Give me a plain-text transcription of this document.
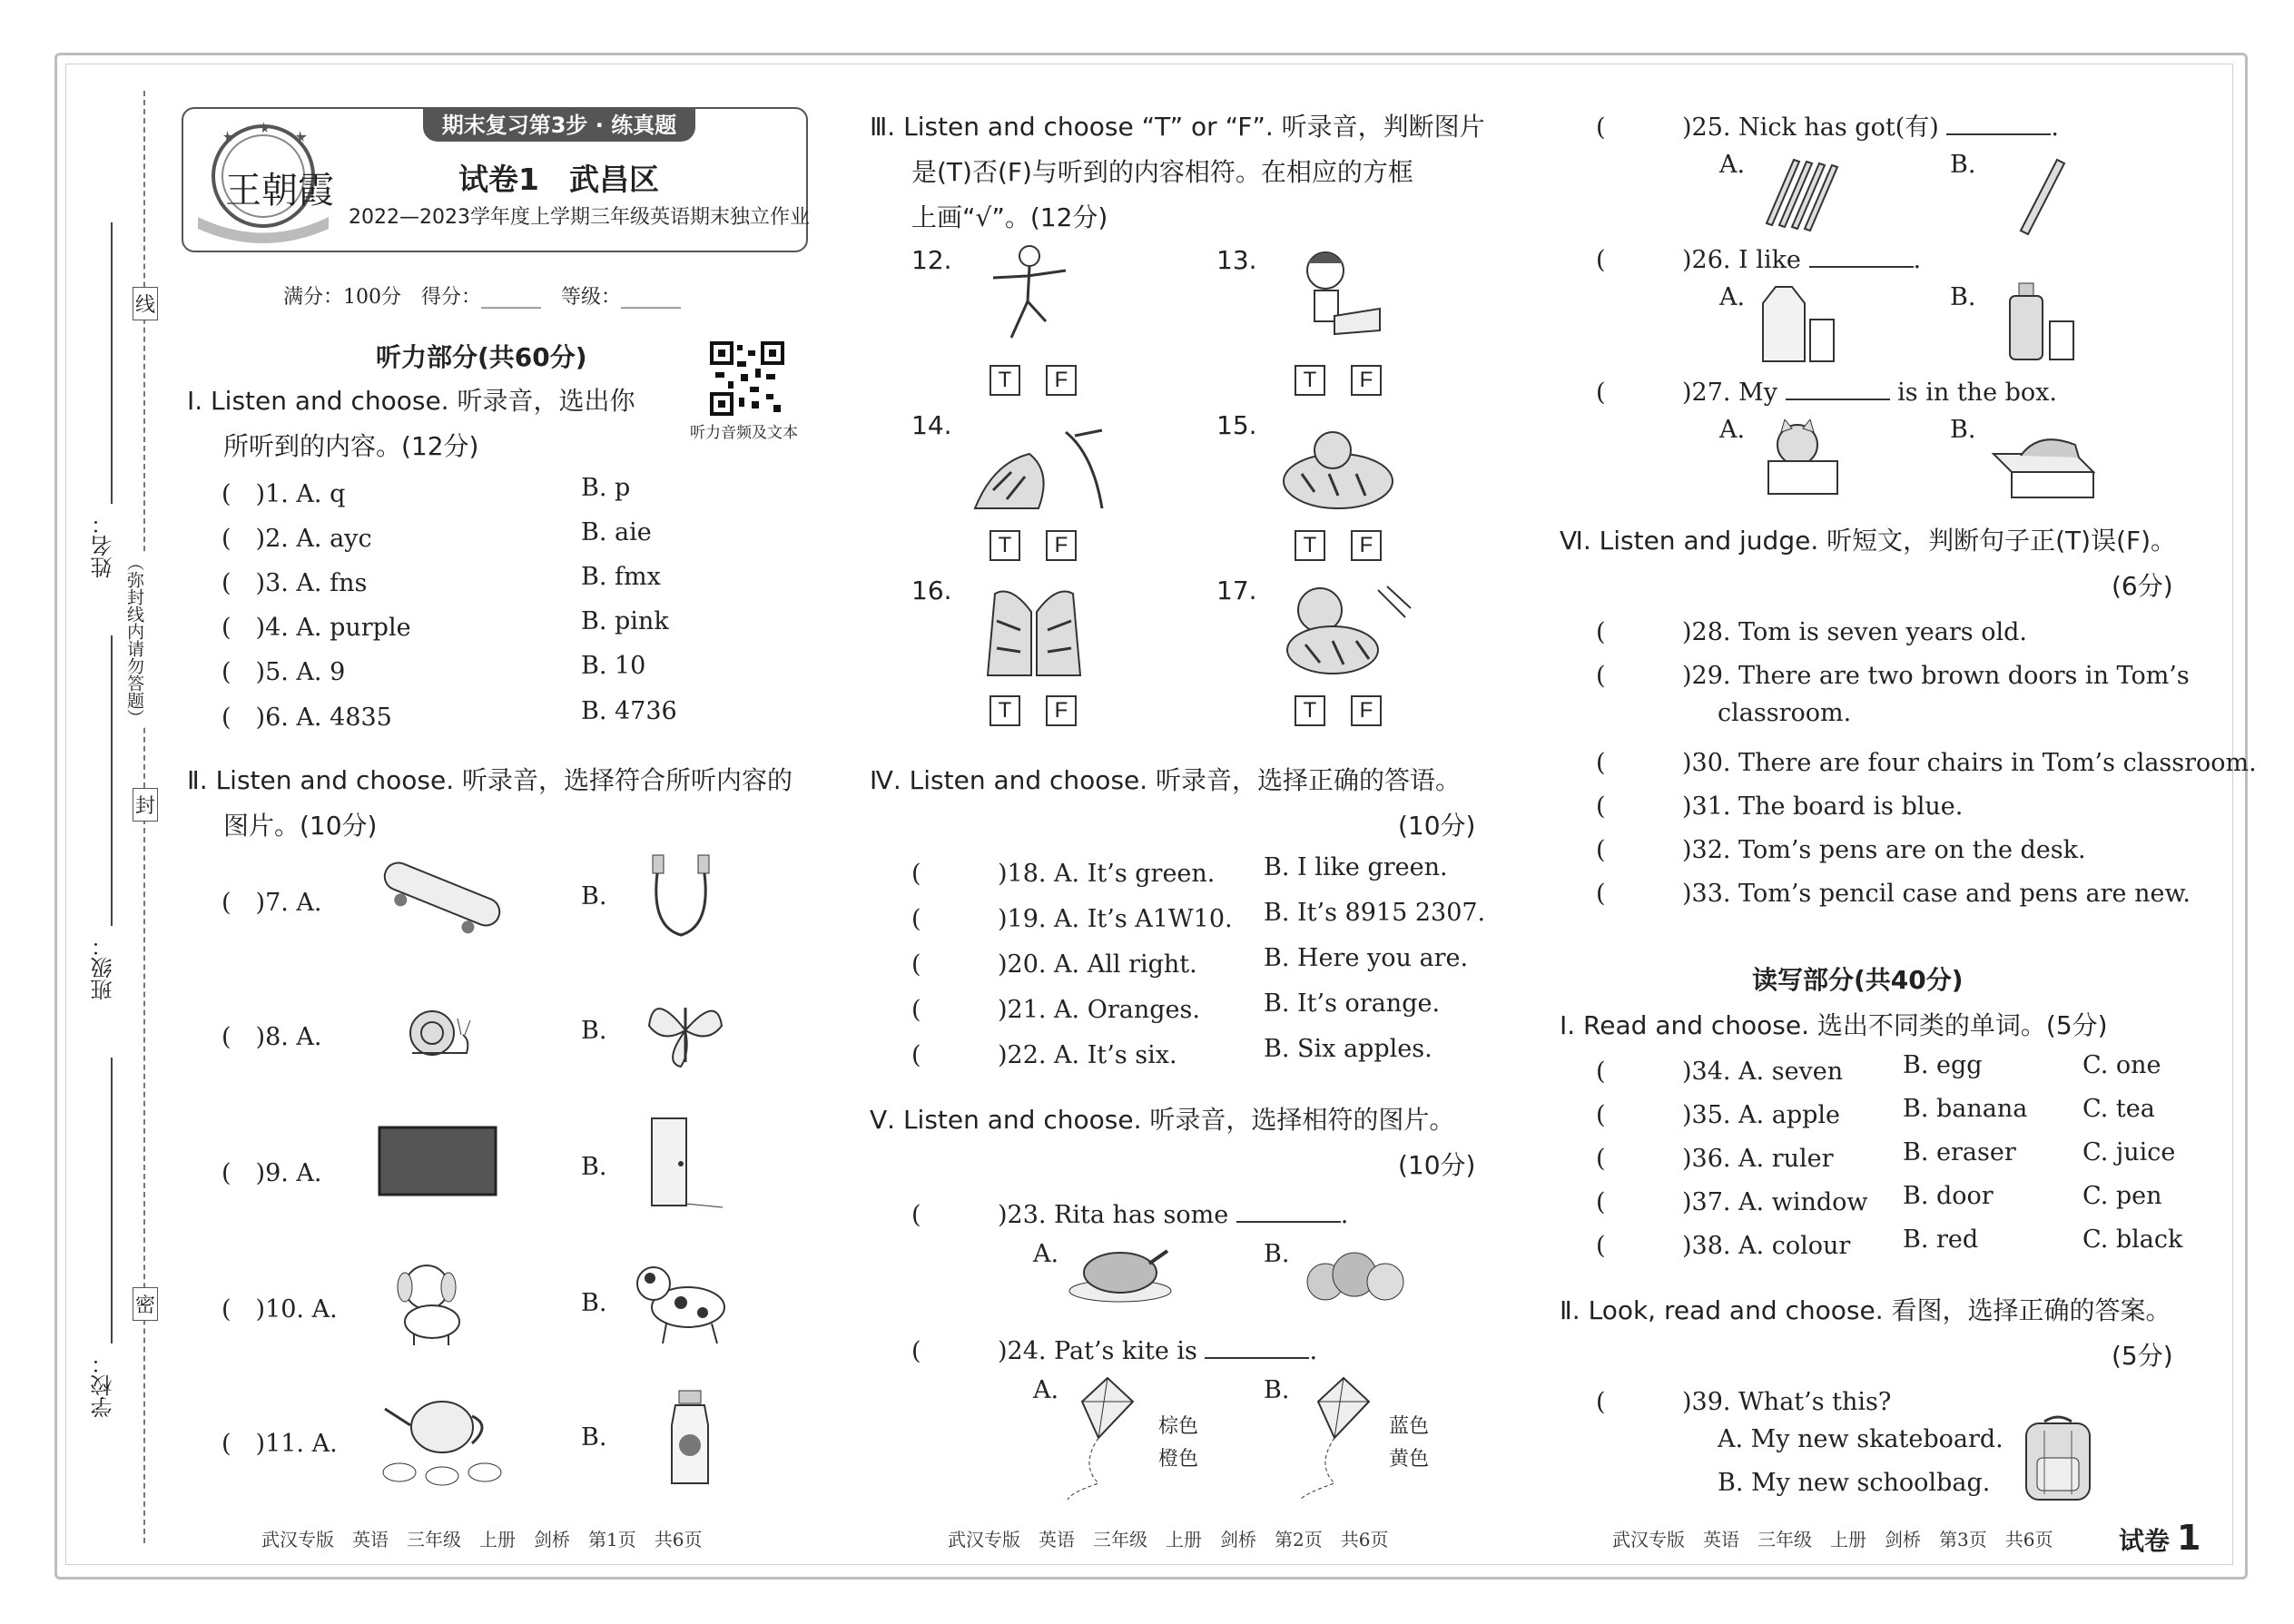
线
封
密
（弥封线内请勿答题）
姓名：
班级：
学校：
王朝霞
期末复习第3步 · 练真题
试卷1　武昌区
2022—2023学年度上学期三年级英语期末独立作业
满分：100分　得分：______　等级：______
听力音频及文本
听力部分(共60分)
Ⅰ. Listen and choose. 听录音，选出你
所听到的内容。(12分)
(　)1. A. q	B. p
(　)2. A. ayc	B. aie
(　)3. A. fns	B. fmx
(　)4. A. purple	B. pink
(　)5. A. 9	B. 10
(　)6. A. 4835	B. 4736
Ⅱ. Listen and choose. 听录音，选择符合所听内容的
图片。(10分)
(　)7. A.	B.
(　)8. A.	B.
(　)9. A.	B.
(　)10. A.	B.
(　)11. A.	B.
武汉专版　英语　三年级　上册　剑桥　第1页　共6页
Ⅲ. Listen and choose “T” or “F”. 听录音，判断图片
是(T)否(F)与听到的内容相符。在相应的方框
上画“√”。(12分)
12.
T F
13.
T F
14.
T F
15.
T F
16.
T F
17.
T F
Ⅳ. Listen and choose. 听录音，选择正确的答语。
(10分)
(　)18. A. It’s green. B. I like green.
(　)19. A. It’s A1W10. B. It’s 8915 2307.
(　)20. A. All right.	B. Here you are.
(　)21. A. Oranges.	B. It’s orange.
(　)22. A. It’s six.	B. Six apples.
Ⅴ. Listen and choose. 听录音，选择相符的图片。
(10分)
(　)23. Rita has some	.
A.	B.
(　)24. Pat’s kite is	.
A.
棕色
橙色
B.
蓝色
黄色
武汉专版　英语　三年级　上册　剑桥　第2页　共6页
(　)25. Nick has got(有)	.
A.	B.
(　)26. I like	.
A.	B.
(　)27. My	is in the box.
A.	B.
Ⅵ. Listen and judge. 听短文，判断句子正(T)误(F)。
(6分)
(　)28. Tom is seven years old.
(　)29. There are two brown doors in Tom’s
classroom.
(　)30. There are four chairs in Tom’s classroom.
(　)31. The board is blue.
(　)32. Tom’s pens are on the desk.
(　)33. Tom’s pencil case and pens are new.
读写部分(共40分)
Ⅰ. Read and choose. 选出不同类的单词。(5分)
(　)34. A. seven B. egg	C. one
(　)35. A. apple	B. banana C. tea
(　)36. A. ruler	B. eraser	C. juice
(　)37. A. window B. door	C. pen
(　)38. A. colour B. red	C. black
Ⅱ. Look, read and choose. 看图，选择正确的答案。
(5分)
(　)39. What’s this?
A. My new skateboard.
B. My new schoolbag.
武汉专版　英语　三年级　上册　剑桥　第3页　共6页	试卷 1
